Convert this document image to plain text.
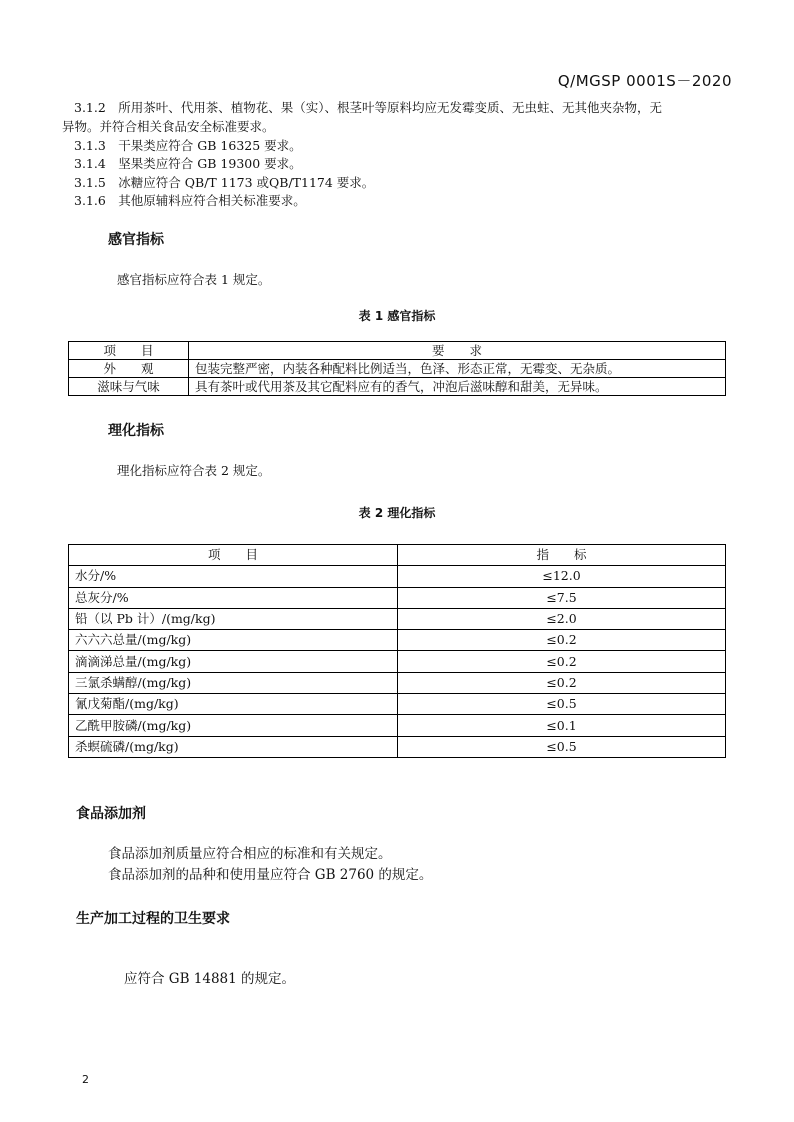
Q/MGSP 0001S－2020
3.1.2　所用茶叶、代用茶、植物花、果（实）、根茎叶等原料均应无发霉变质、无虫蛀、无其他夹杂物，无
异物。并符合相关食品安全标准要求。
3.1.3　干果类应符合 GB 16325 要求。
3.1.4　坚果类应符合 GB 19300 要求。
3.1.5　冰糖应符合 QB/T 1173 或QB/T1174 要求。
3.1.6　其他原辅料应符合相关标准要求。
感官指标
感官指标应符合表 1 规定。
表 1 感官指标
项　　目	要　　求
外　　观	包装完整严密，内装各种配料比例适当，色泽、形态正常，无霉变、无杂质。
滋味与气味	具有茶叶或代用茶及其它配料应有的香气，冲泡后滋味醇和甜美，无异味。
理化指标
理化指标应符合表 2 规定。
表 2 理化指标
项　　目	指　　标
水分/%	≤12.0
总灰分/%	≤7.5
铅（以 Pb 计）/(mg/kg)	≤2.0
六六六总量/(mg/kg)	≤0.2
滴滴涕总量/(mg/kg)	≤0.2
三氯杀螨醇/(mg/kg)	≤0.2
氰戊菊酯/(mg/kg)	≤0.5
乙酰甲胺磷/(mg/kg)	≤0.1
杀螟硫磷/(mg/kg)	≤0.5
食品添加剂
食品添加剂质量应符合相应的标准和有关规定。
食品添加剂的品种和使用量应符合 GB 2760 的规定。
生产加工过程的卫生要求
应符合 GB 14881 的规定。
2
